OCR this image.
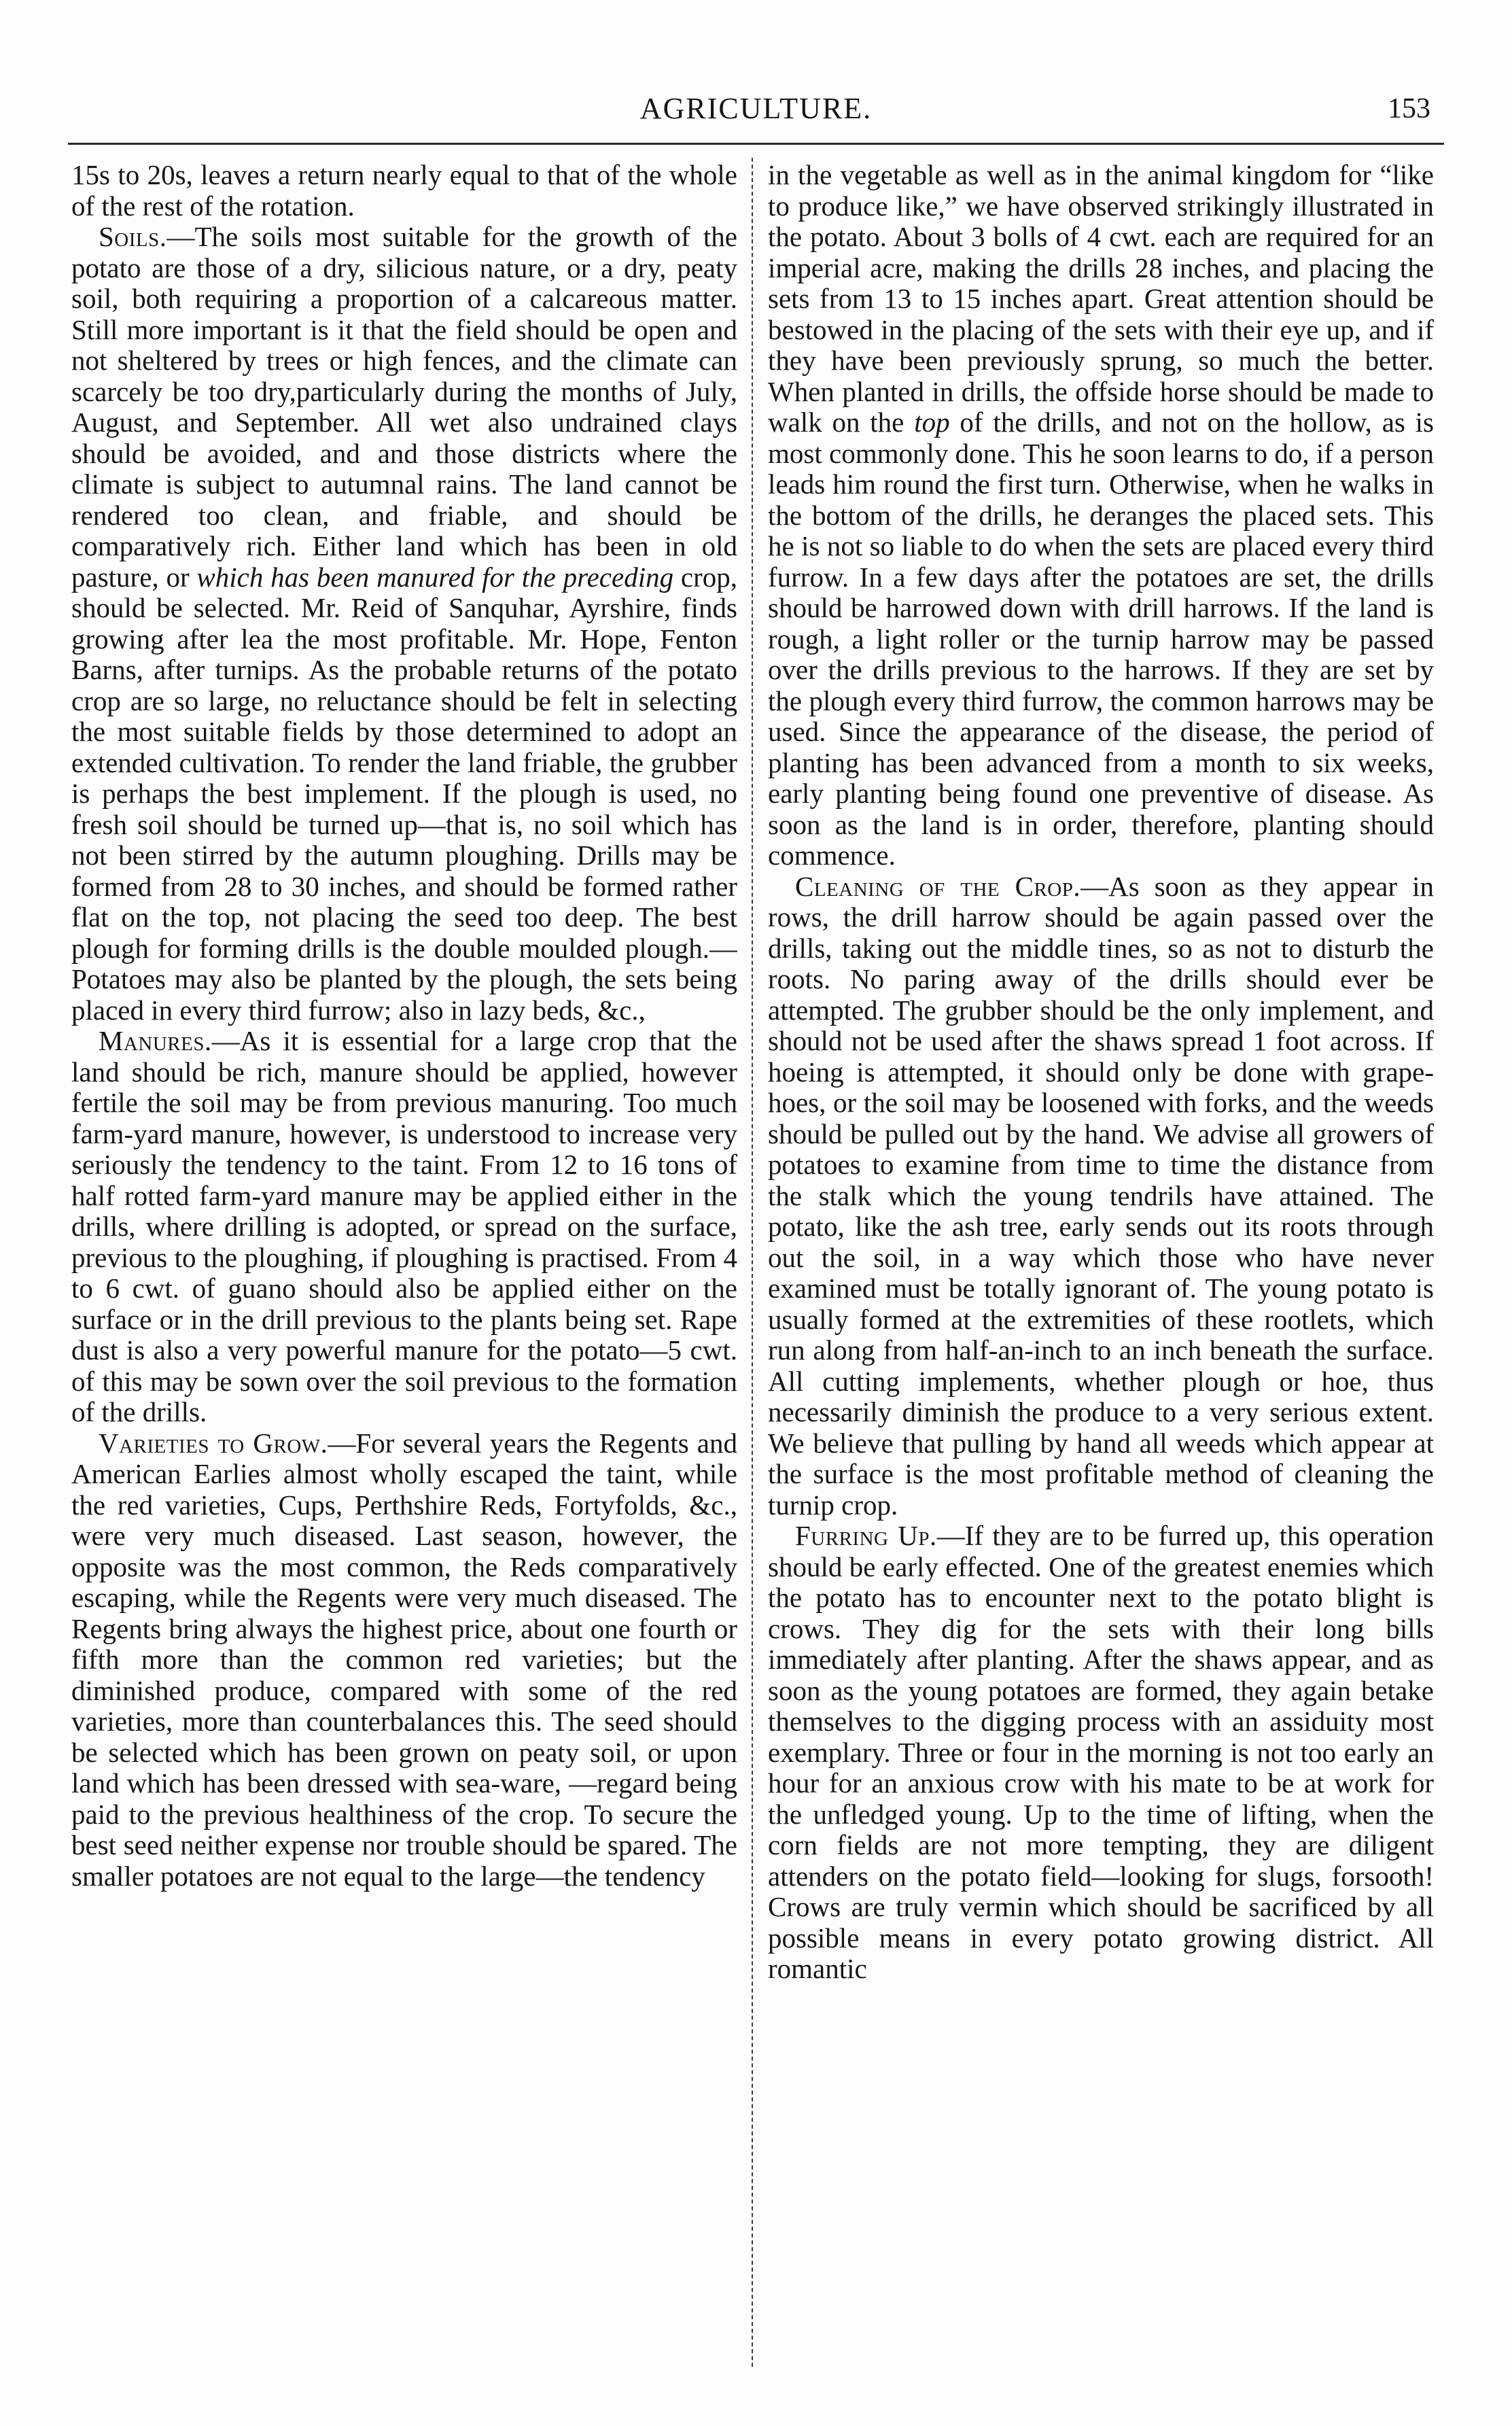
AGRICULTURE.	153

15s to 20s, leaves a return nearly equal to that of the whole of the rest of the rotation.

Soils.—The soils most suitable for the growth of the potato are those of a dry, silicious nature, or a dry, peaty soil, both requiring a proportion of a calcareous matter. Still more important is it that the field should be open and not sheltered by trees or high fences, and the climate can scarcely be too dry,particularly during the months of July, August, and September. All wet also undrained clays should be avoided, and and those districts where the climate is subject to autumnal rains. The land cannot be rendered too clean, and friable, and should be comparatively rich. Either land which has been in old pasture, or which has been manured for the preceding crop, should be selected. Mr. Reid of Sanquhar, Ayrshire, finds growing after lea the most profitable. Mr. Hope, Fenton Barns, after turnips. As the probable returns of the potato crop are so large, no reluctance should be felt in selecting the most suitable fields by those determined to adopt an extended cultivation. To render the land friable, the grubber is perhaps the best implement. If the plough is used, no fresh soil should be turned up—that is, no soil which has not been stirred by the autumn ploughing. Drills may be formed from 28 to 30 inches, and should be formed rather flat on the top, not placing the seed too deep. The best plough for forming drills is the double moulded plough.—Potatoes may also be planted by the plough, the sets being placed in every third furrow; also in lazy beds, &c.,

Manures.—As it is essential for a large crop that the land should be rich, manure should be applied, however fertile the soil may be from previous manuring. Too much farm-yard manure, however, is understood to increase very seriously the tendency to the taint. From 12 to 16 tons of half rotted farm-yard manure may be applied either in the drills, where drilling is adopted, or spread on the surface, previous to the ploughing, if ploughing is practised. From 4 to 6 cwt. of guano should also be applied either on the surface or in the drill previous to the plants being set. Rape dust is also a very powerful manure for the potato—5 cwt. of this may be sown over the soil previous to the formation of the drills.

Varieties to Grow.—For several years the Regents and American Earlies almost wholly escaped the taint, while the red varieties, Cups, Perthshire Reds, Fortyfolds, &c., were very much diseased. Last season, however, the opposite was the most common, the Reds comparatively escaping, while the Regents were very much diseased. The Regents bring always the highest price, about one fourth or fifth more than the common red varieties; but the diminished produce, compared with some of the red varieties, more than counterbalances this. The seed should be selected which has been grown on peaty soil, or upon land which has been dressed with sea-ware, —regard being paid to the previous healthiness of the crop. To secure the best seed neither expense nor trouble should be spared. The smaller potatoes are not equal to the large—the tendency

in the vegetable as well as in the animal kingdom for “like to produce like,” we have observed strikingly illustrated in the potato. About 3 bolls of 4 cwt. each are required for an imperial acre, making the drills 28 inches, and placing the sets from 13 to 15 inches apart. Great attention should be bestowed in the placing of the sets with their eye up, and if they have been previously sprung, so much the better. When planted in drills, the offside horse should be made to walk on the top of the drills, and not on the hollow, as is most commonly done. This he soon learns to do, if a person leads him round the first turn. Otherwise, when he walks in the bottom of the drills, he deranges the placed sets. This he is not so liable to do when the sets are placed every third furrow. In a few days after the potatoes are set, the drills should be harrowed down with drill harrows. If the land is rough, a light roller or the turnip harrow may be passed over the drills previous to the harrows. If they are set by the plough every third furrow, the common harrows may be used. Since the appearance of the disease, the period of planting has been advanced from a month to six weeks, early planting being found one preventive of disease. As soon as the land is in order, therefore, planting should commence.

Cleaning of the Crop.—As soon as they appear in rows, the drill harrow should be again passed over the drills, taking out the middle tines, so as not to disturb the roots. No paring away of the drills should ever be attempted. The grubber should be the only implement, and should not be used after the shaws spread 1 foot across. If hoeing is attempted, it should only be done with grape-hoes, or the soil may be loosened with forks, and the weeds should be pulled out by the hand. We advise all growers of potatoes to examine from time to time the distance from the stalk which the young tendrils have attained. The potato, like the ash tree, early sends out its roots through out the soil, in a way which those who have never examined must be totally ignorant of. The young potato is usually formed at the extremities of these rootlets, which run along from half-an-inch to an inch beneath the surface. All cutting implements, whether plough or hoe, thus necessarily diminish the produce to a very serious extent. We believe that pulling by hand all weeds which appear at the surface is the most profitable method of cleaning the turnip crop.

Furring Up.—If they are to be furred up, this operation should be early effected. One of the greatest enemies which the potato has to encounter next to the potato blight is crows. They dig for the sets with their long bills immediately after planting. After the shaws appear, and as soon as the young potatoes are formed, they again betake themselves to the digging process with an assiduity most exemplary. Three or four in the morning is not too early an hour for an anxious crow with his mate to be at work for the unfledged young. Up to the time of lifting, when the corn fields are not more tempting, they are diligent attenders on the potato field—looking for slugs, forsooth! Crows are truly vermin which should be sacrificed by all possible means in every potato growing district. All romantic
